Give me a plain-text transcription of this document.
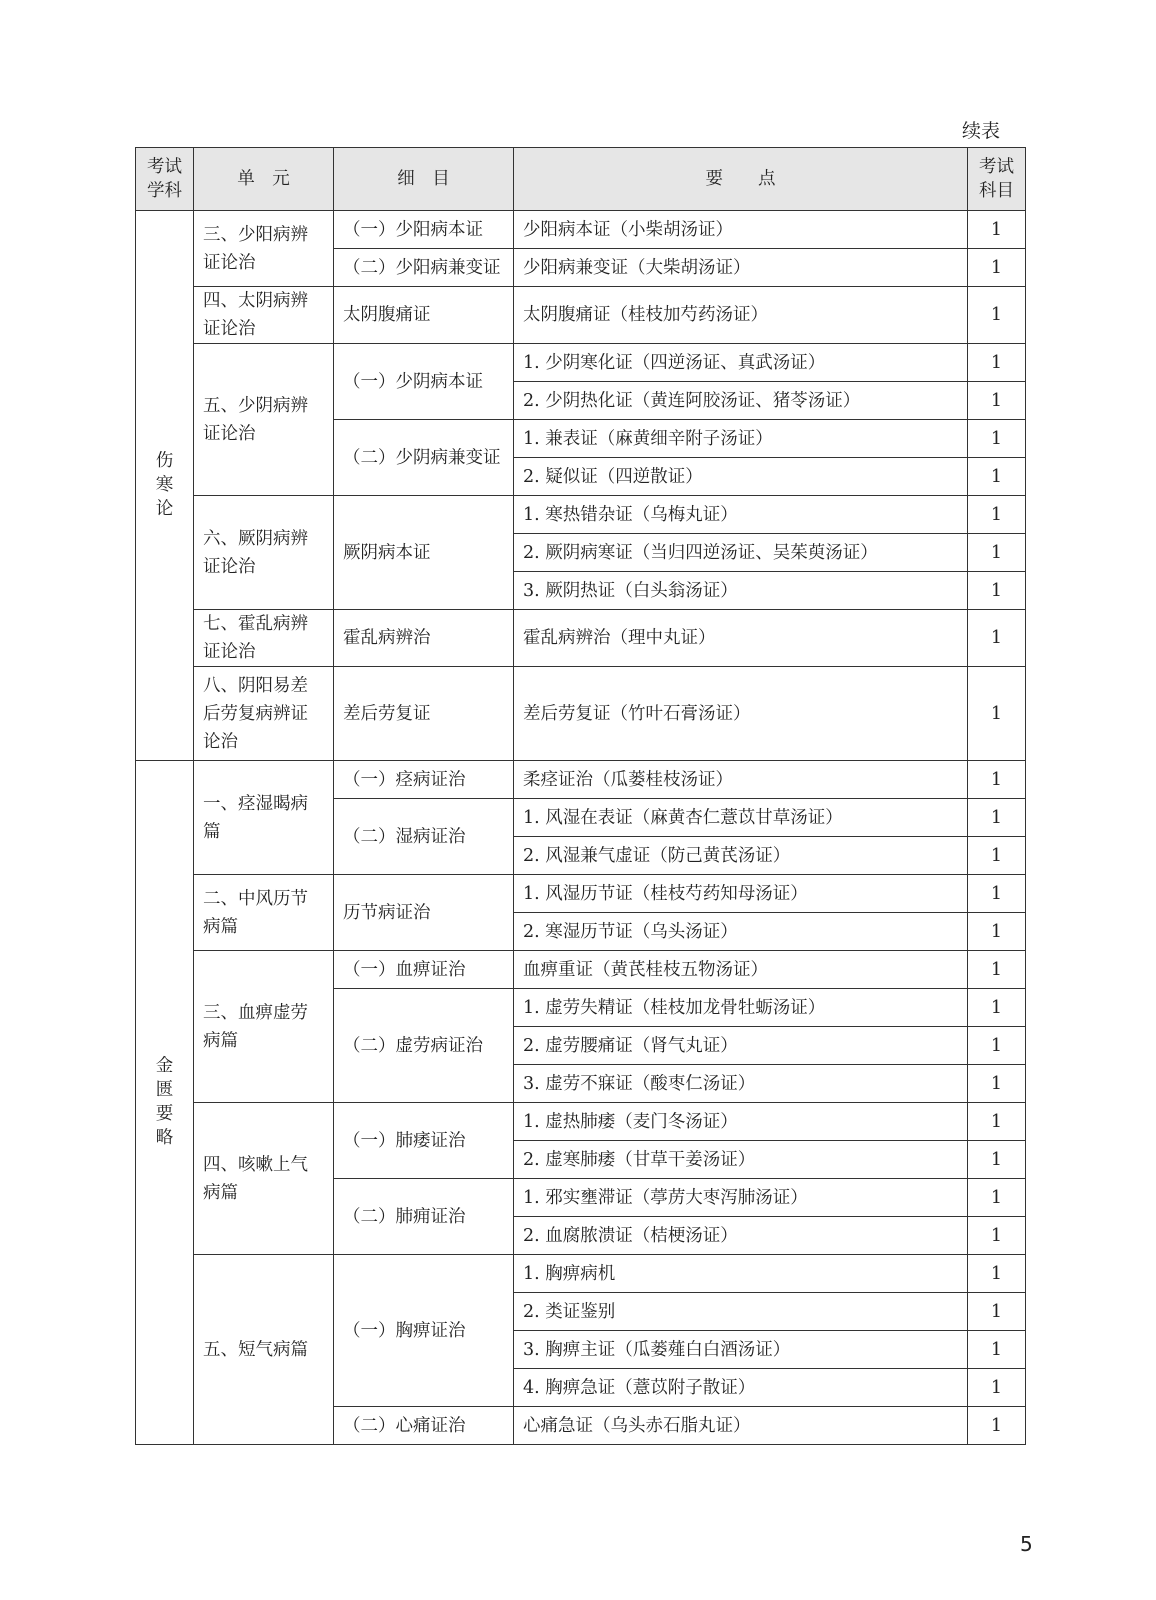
续表
考试学科	单　元	细　目	要　　点	考试科目
伤寒论	三、少阳病辨证论治	（一）少阳病本证	少阳病本证（小柴胡汤证）	1
		（二）少阳病兼变证	少阳病兼变证（大柴胡汤证）	1
	四、太阴病辨证论治	太阴腹痛证	太阴腹痛证（桂枝加芍药汤证）	1
	五、少阴病辨证论治	（一）少阴病本证	1. 少阴寒化证（四逆汤证、真武汤证）	1
			2. 少阴热化证（黄连阿胶汤证、猪苓汤证）	1
		（二）少阴病兼变证	1. 兼表证（麻黄细辛附子汤证）	1
			2. 疑似证（四逆散证）	1
	六、厥阴病辨证论治	厥阴病本证	1. 寒热错杂证（乌梅丸证）	1
			2. 厥阴病寒证（当归四逆汤证、吴茱萸汤证）	1
			3. 厥阴热证（白头翁汤证）	1
	七、霍乱病辨证论治	霍乱病辨治	霍乱病辨治（理中丸证）	1
	八、阴阳易差后劳复病辨证论治	差后劳复证	差后劳复证（竹叶石膏汤证）	1
金匮要略	一、痉湿暍病篇	（一）痉病证治	柔痉证治（瓜蒌桂枝汤证）	1
		（二）湿病证治	1. 风湿在表证（麻黄杏仁薏苡甘草汤证）	1
			2. 风湿兼气虚证（防己黄芪汤证）	1
	二、中风历节病篇	历节病证治	1. 风湿历节证（桂枝芍药知母汤证）	1
			2. 寒湿历节证（乌头汤证）	1
	三、血痹虚劳病篇	（一）血痹证治	血痹重证（黄芪桂枝五物汤证）	1
		（二）虚劳病证治	1. 虚劳失精证（桂枝加龙骨牡蛎汤证）	1
			2. 虚劳腰痛证（肾气丸证）	1
			3. 虚劳不寐证（酸枣仁汤证）	1
	四、咳嗽上气病篇	（一）肺痿证治	1. 虚热肺痿（麦门冬汤证）	1
			2. 虚寒肺痿（甘草干姜汤证）	1
		（二）肺痈证治	1. 邪实壅滞证（葶苈大枣泻肺汤证）	1
			2. 血腐脓溃证（桔梗汤证）	1
	五、短气病篇	（一）胸痹证治	1. 胸痹病机	1
			2. 类证鉴别	1
			3. 胸痹主证（瓜蒌薤白白酒汤证）	1
			4. 胸痹急证（薏苡附子散证）	1
		（二）心痛证治	心痛急证（乌头赤石脂丸证）	1
5
